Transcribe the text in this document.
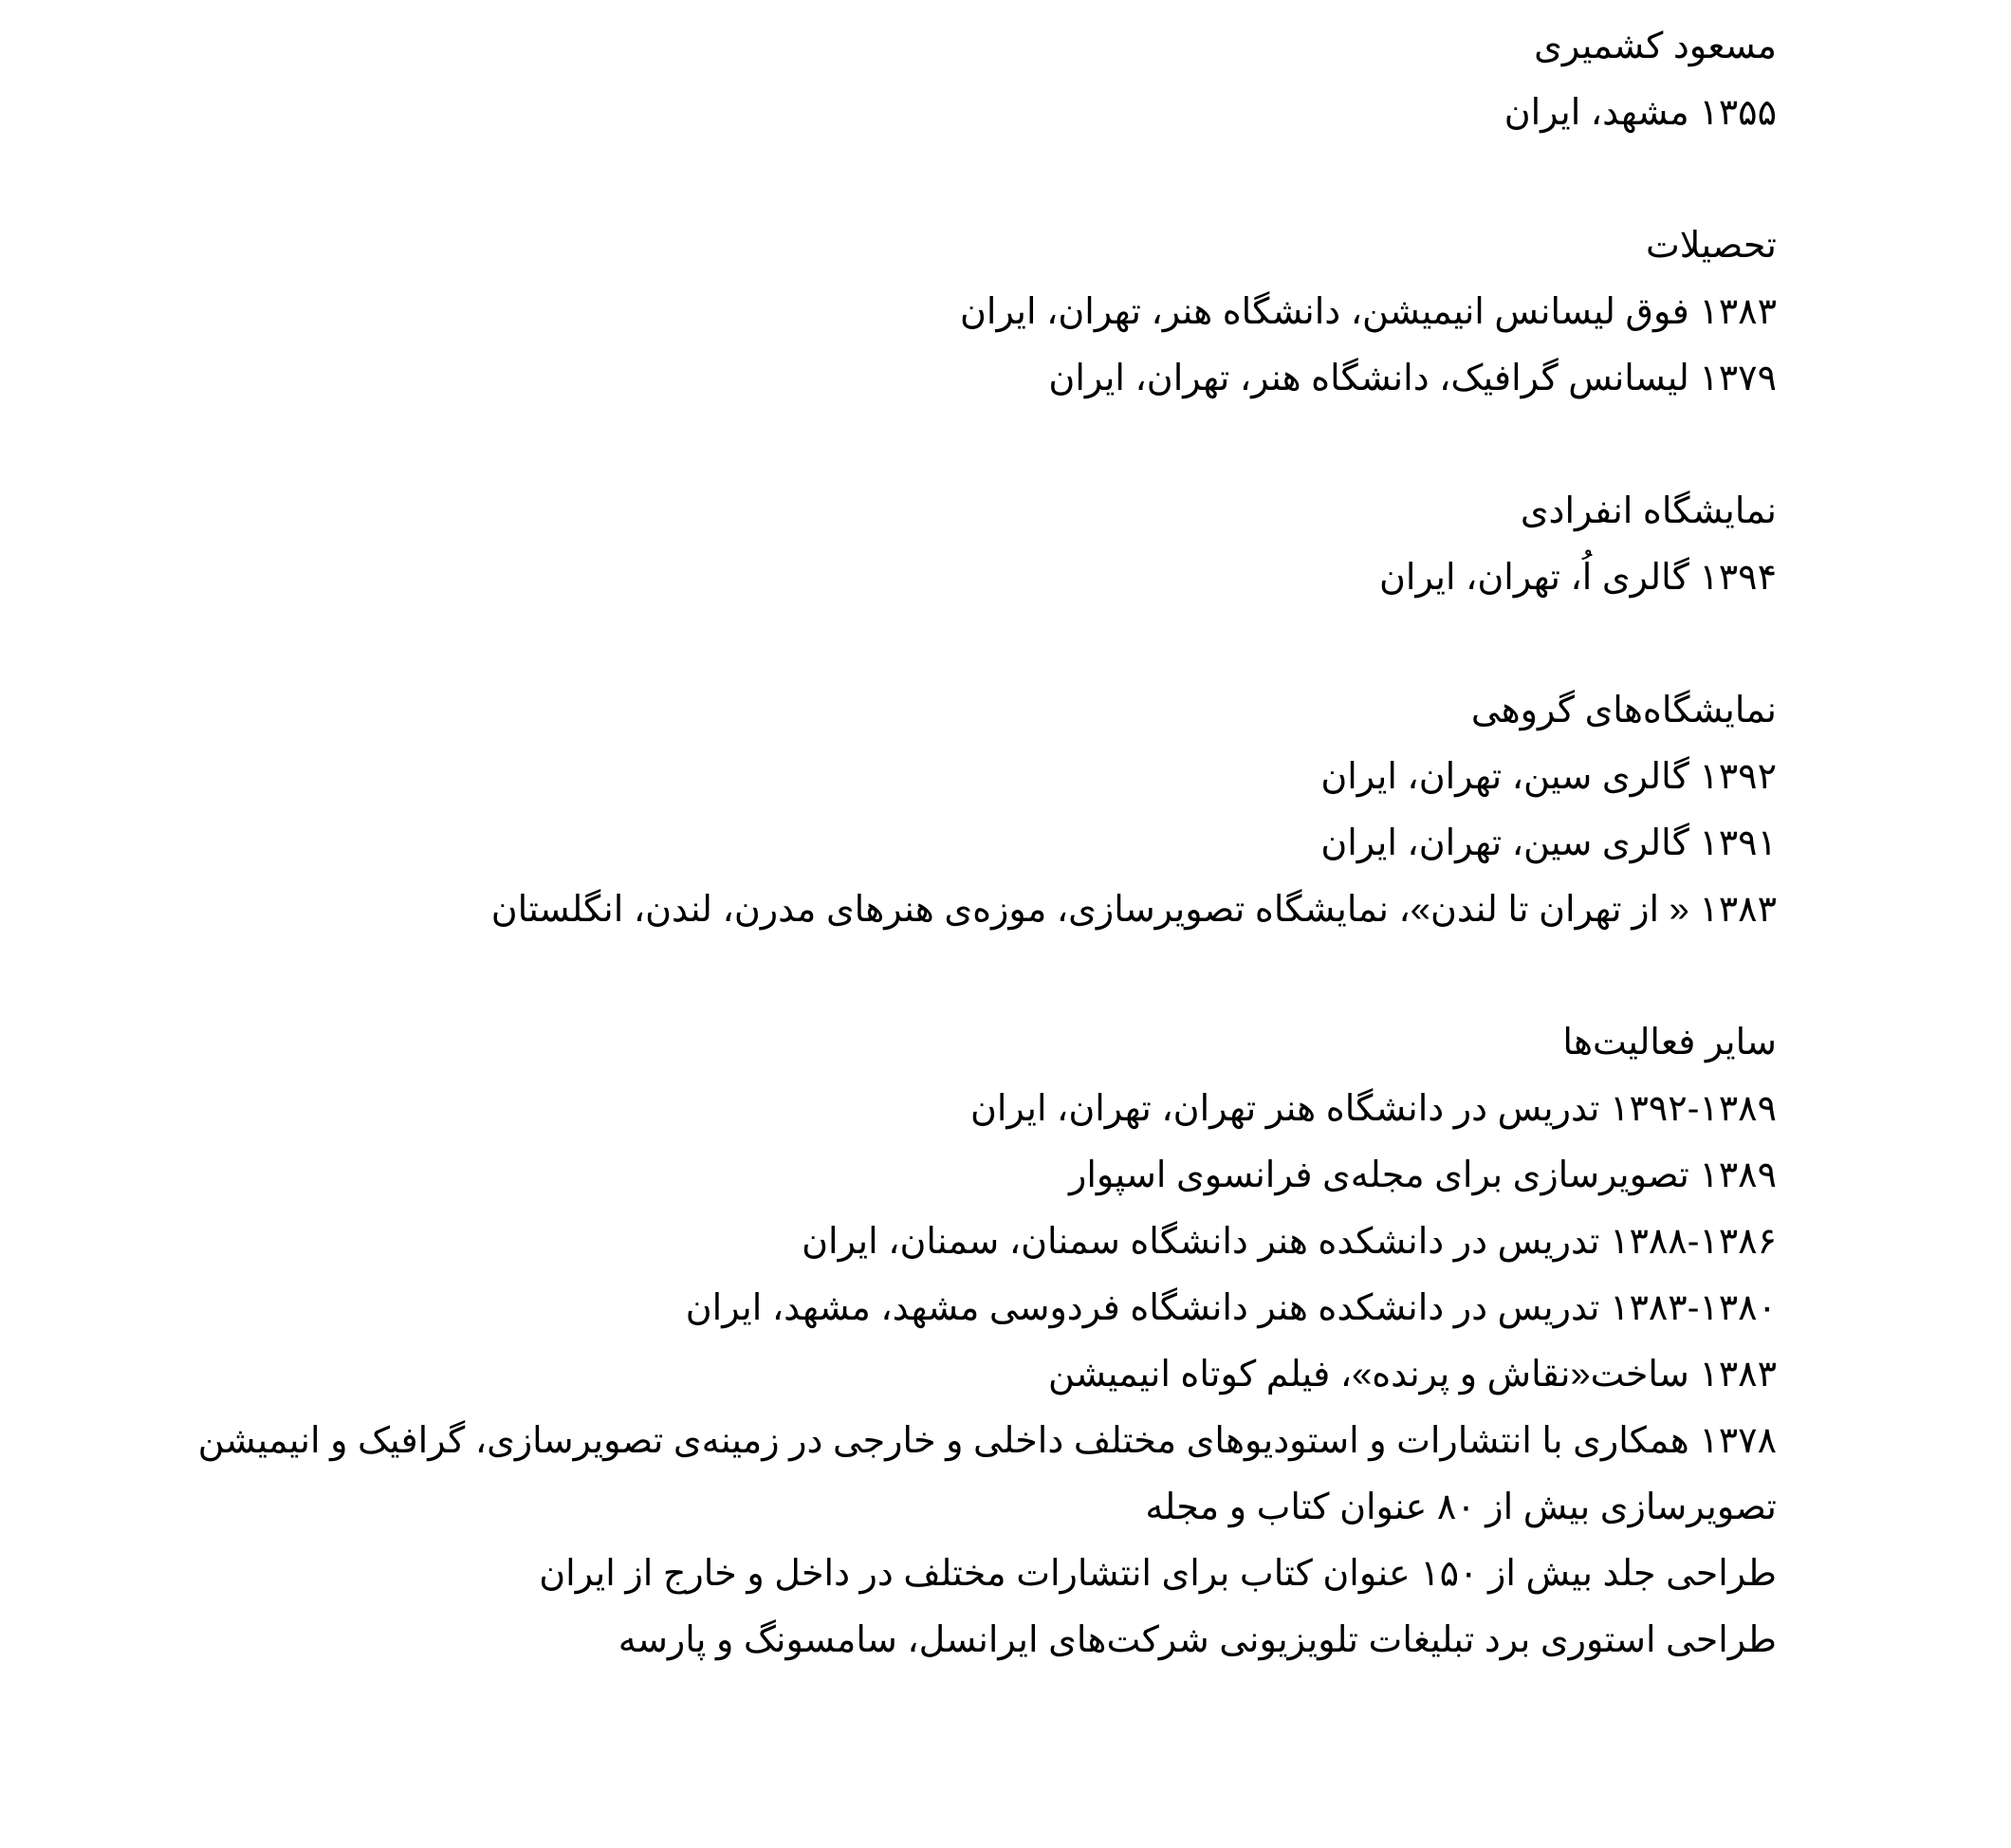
مسعود کشمیری
۱۳۵۵ مشهد، ایران
تحصیلات
۱۳۸۳ فوق لیسانس انیمیشن، دانشگاه هنر، تهران، ایران
۱۳۷۹ لیسانس گرافیک، دانشگاه هنر، تهران، ایران
نمایشگاه انفرادی
۱۳۹۴ گالری اُ، تهران، ایران
نمایشگاه‌های گروهی
۱۳۹۲ گالری سین، تهران، ایران
۱۳۹۱ گالری سین، تهران، ایران
۱۳۸۳ « از تهران تا لندن»، نمایشگاه تصویرسازی، موزه‌ی هنرهای مدرن، لندن، انگلستان
سایر فعالیت‌ها
۱۳۹۲-۱۳۸۹ تدریس در دانشگاه هنر تهران، تهران، ایران
۱۳۸۹ تصویرسازی برای مجله‌ی فرانسوی اسپوار
۱۳۸۸-۱۳۸۶ تدریس در دانشکده هنر دانشگاه سمنان، سمنان، ایران
۱۳۸۳-۱۳۸۰ تدریس در دانشکده هنر دانشگاه فردوسی مشهد، مشهد، ایران
۱۳۸۳ ساخت«نقاش و پرنده»، فیلم کوتاه انیمیشن
۱۳۷۸ همکاری با انتشارات و استودیوهای مختلف داخلی و خارجی در زمینه‌ی تصویرسازی، گرافیک و انیمیشن
تصویرسازی بیش از ۸۰ عنوان کتاب و مجله
طراحی جلد بیش از ۱۵۰ عنوان کتاب برای انتشارات مختلف در داخل و خارج از ایران
طراحی استوری برد تبلیغات تلویزیونی شرکت‌های ایرانسل، سامسونگ و پارسه
